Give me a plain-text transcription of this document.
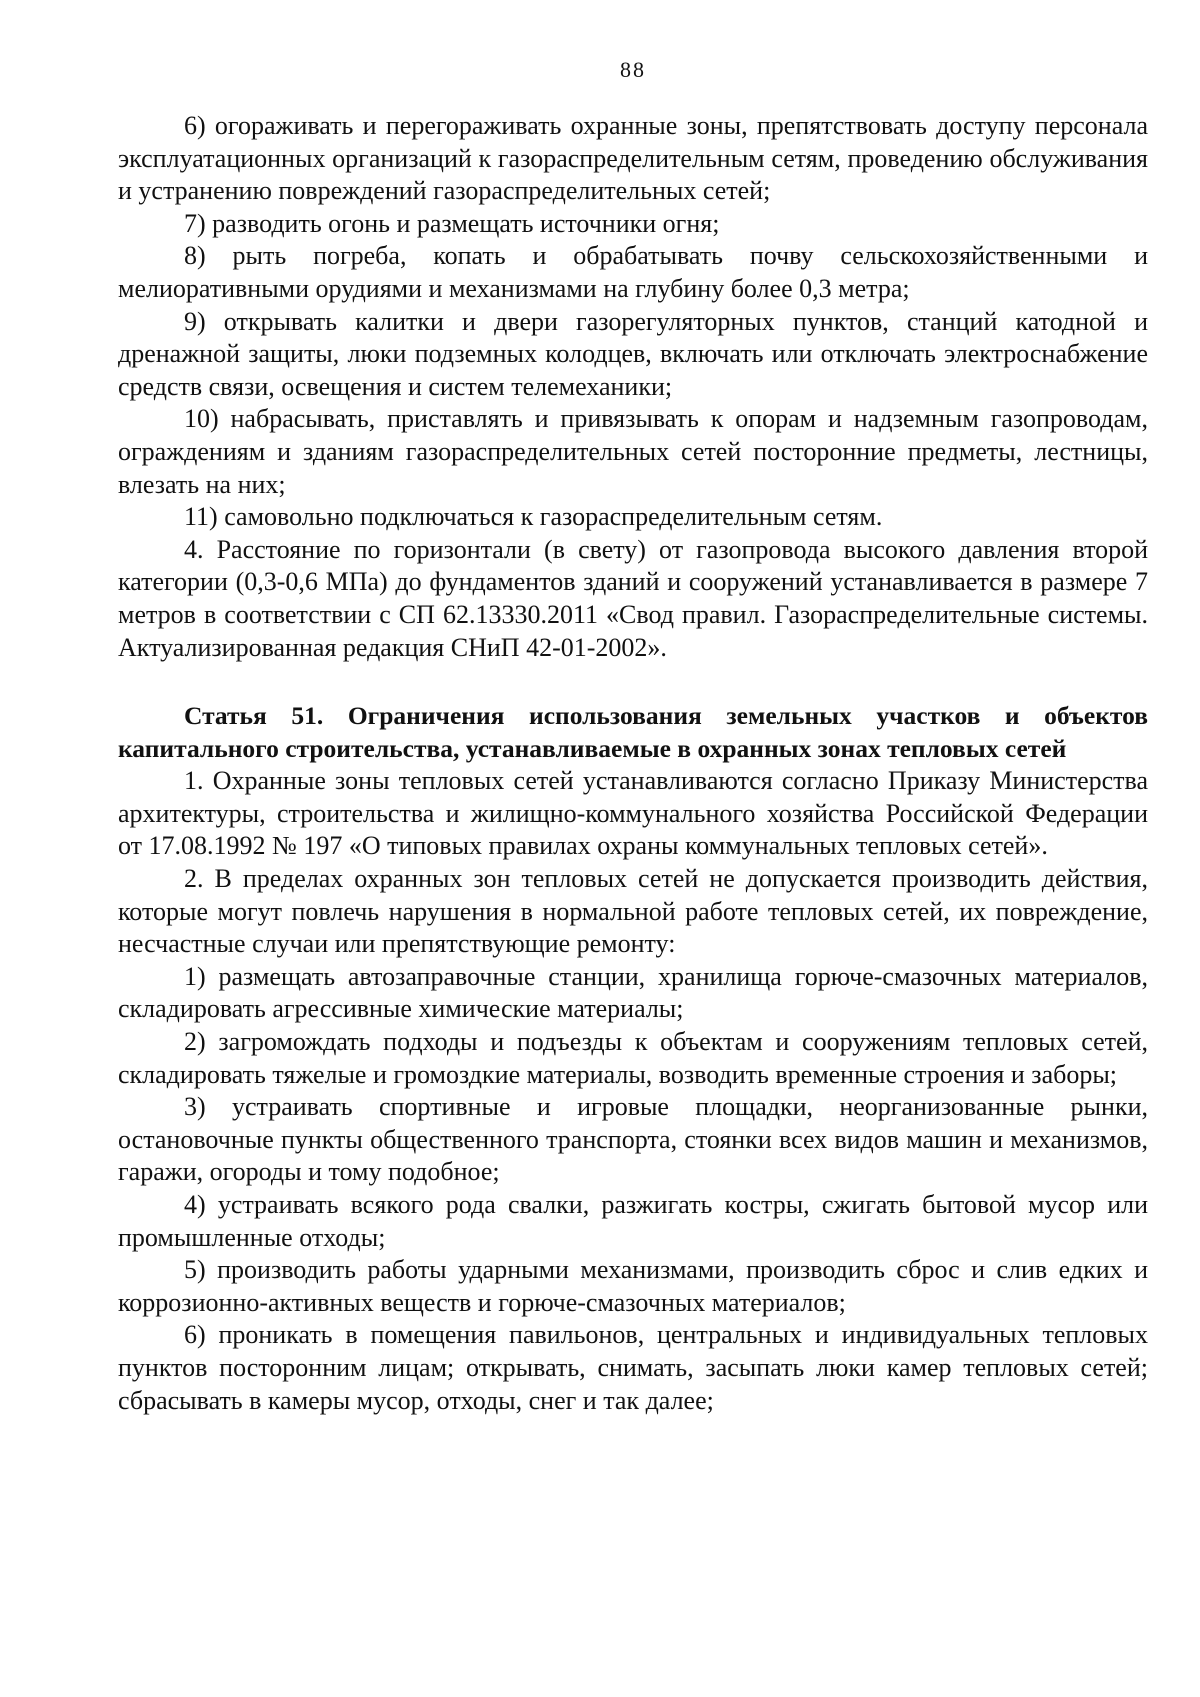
88

6) огораживать и перегораживать охранные зоны, препятствовать доступу персонала эксплуатационных организаций к газораспределительным сетям, проведению обслуживания и устранению повреждений газораспределительных сетей;

7) разводить огонь и размещать источники огня;

8) рыть погреба, копать и обрабатывать почву сельскохозяйственными и мелиоративными орудиями и механизмами на глубину более 0,3 метра;

9) открывать калитки и двери газорегуляторных пунктов, станций катодной и дренажной защиты, люки подземных колодцев, включать или отключать электроснабжение средств связи, освещения и систем телемеханики;

10) набрасывать, приставлять и привязывать к опорам и надземным газопроводам, ограждениям и зданиям газораспределительных сетей посторонние предметы, лестницы, влезать на них;

11) самовольно подключаться к газораспределительным сетям.

4. Расстояние по горизонтали (в свету) от газопровода высокого давления второй категории (0,3-0,6 МПа) до фундаментов зданий и сооружений устанавливается в размере 7 метров в соответствии с СП 62.13330.2011 «Свод правил. Газораспределительные системы. Актуализированная редакция СНиП 42-01-2002».

Статья 51. Ограничения использования земельных участков и объектов капитального строительства, устанавливаемые в охранных зонах тепловых сетей

1. Охранные зоны тепловых сетей устанавливаются согласно Приказу Министерства архитектуры, строительства и жилищно-коммунального хозяйства Российской Федерации от 17.08.1992 № 197 «О типовых правилах охраны коммунальных тепловых сетей».

2. В пределах охранных зон тепловых сетей не допускается производить действия, которые могут повлечь нарушения в нормальной работе тепловых сетей, их повреждение, несчастные случаи или препятствующие ремонту:

1) размещать автозаправочные станции, хранилища горюче-смазочных материалов, складировать агрессивные химические материалы;

2) загромождать подходы и подъезды к объектам и сооружениям тепловых сетей, складировать тяжелые и громоздкие материалы, возводить временные строения и заборы;

3) устраивать спортивные и игровые площадки, неорганизованные рынки, остановочные пункты общественного транспорта, стоянки всех видов машин и механизмов, гаражи, огороды и тому подобное;

4) устраивать всякого рода свалки, разжигать костры, сжигать бытовой мусор или промышленные отходы;

5) производить работы ударными механизмами, производить сброс и слив едких и коррозионно-активных веществ и горюче-смазочных материалов;

6) проникать в помещения павильонов, центральных и индивидуальных тепловых пунктов посторонним лицам; открывать, снимать, засыпать люки камер тепловых сетей; сбрасывать в камеры мусор, отходы, снег и так далее;
